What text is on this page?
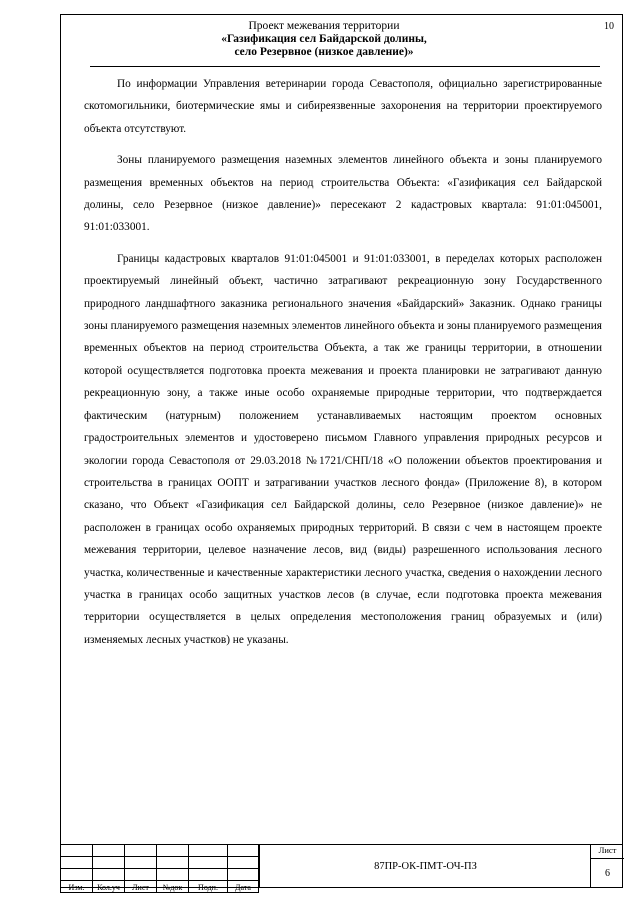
10
Проект межевания территории
«Газификация сел Байдарской долины,
село Резервное (низкое давление)»

По информации Управления ветеринарии города Севастополя, официально зарегистрированные скотомогильники, биотермические ямы и сибиреязвенные захоронения на территории проектируемого объекта отсутствуют.

Зоны планируемого размещения наземных элементов линейного объекта и зоны планируемого размещения временных объектов на период строительства Объекта: «Газификация сел Байдарской долины, село Резервное (низкое давление)» пересекают 2 кадастровых квартала: 91:01:045001, 91:01:033001.

Границы кадастровых кварталов 91:01:045001 и 91:01:033001, в переделах которых расположен проектируемый линейный объект, частично затрагивают рекреационную зону Государственного природного ландшафтного заказника регионального значения «Байдарский» Заказник. Однако границы зоны планируемого размещения наземных элементов линейного объекта и зоны планируемого размещения временных объектов на период строительства Объекта, а так же границы территории, в отношении которой осуществляется подготовка проекта межевания и проекта планировки не затрагивают данную рекреационную зону, а также иные особо охраняемые природные территории, что подтверждается фактическим (натурным) положением устанавливаемых настоящим проектом основных градостроительных элементов и удостоверено письмом Главного управления природных ресурсов и экологии города Севастополя от 29.03.2018 №1721/СНП/18 «О положении объектов проектирования и строительства в границах ООПТ и затрагивании участков лесного фонда» (Приложение 8), в котором сказано, что Объект «Газификация сел Байдарской долины, село Резервное (низкое давление)» не расположен в границах особо охраняемых природных территорий. В связи с чем в настоящем проекте межевания территории, целевое назначение лесов, вид (виды) разрешенного использования лесного участка, количественные и качественные характеристики лесного участка, сведения о нахождении лесного участка в границах особо защитных участков лесов (в случае, если подготовка проекта межевания территории осуществляется в целых определения местоположения границ образуемых и (или) изменяемых лесных участков) не указаны.

Изм.	Кол.уч	Лист	№док	Подп.	Дата
87ПР-ОК-ПМТ-ОЧ-ПЗ
Лист
6
